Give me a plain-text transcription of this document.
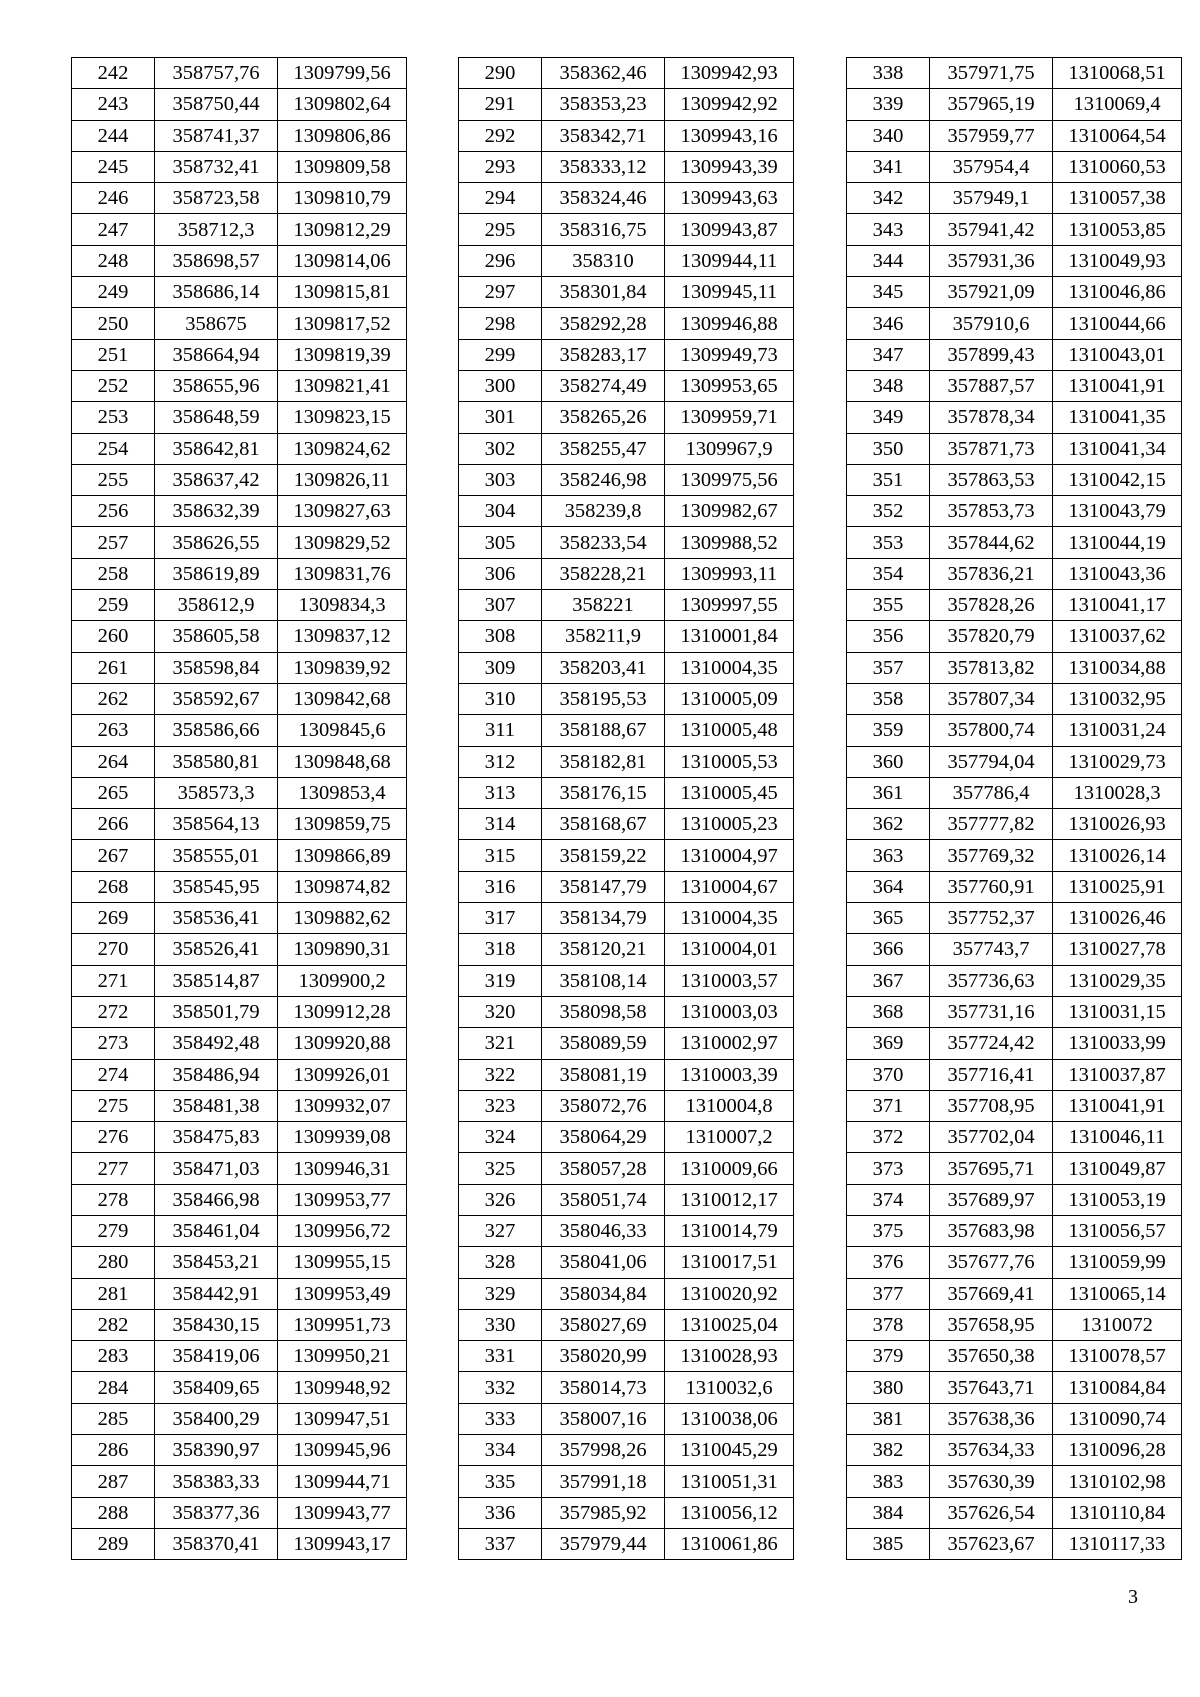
242	358757,76	1309799,56
243	358750,44	1309802,64
244	358741,37	1309806,86
245	358732,41	1309809,58
246	358723,58	1309810,79
247	358712,3	1309812,29
248	358698,57	1309814,06
249	358686,14	1309815,81
250	358675	1309817,52
251	358664,94	1309819,39
252	358655,96	1309821,41
253	358648,59	1309823,15
254	358642,81	1309824,62
255	358637,42	1309826,11
256	358632,39	1309827,63
257	358626,55	1309829,52
258	358619,89	1309831,76
259	358612,9	1309834,3
260	358605,58	1309837,12
261	358598,84	1309839,92
262	358592,67	1309842,68
263	358586,66	1309845,6
264	358580,81	1309848,68
265	358573,3	1309853,4
266	358564,13	1309859,75
267	358555,01	1309866,89
268	358545,95	1309874,82
269	358536,41	1309882,62
270	358526,41	1309890,31
271	358514,87	1309900,2
272	358501,79	1309912,28
273	358492,48	1309920,88
274	358486,94	1309926,01
275	358481,38	1309932,07
276	358475,83	1309939,08
277	358471,03	1309946,31
278	358466,98	1309953,77
279	358461,04	1309956,72
280	358453,21	1309955,15
281	358442,91	1309953,49
282	358430,15	1309951,73
283	358419,06	1309950,21
284	358409,65	1309948,92
285	358400,29	1309947,51
286	358390,97	1309945,96
287	358383,33	1309944,71
288	358377,36	1309943,77
289	358370,41	1309943,17
290	358362,46	1309942,93
291	358353,23	1309942,92
292	358342,71	1309943,16
293	358333,12	1309943,39
294	358324,46	1309943,63
295	358316,75	1309943,87
296	358310	1309944,11
297	358301,84	1309945,11
298	358292,28	1309946,88
299	358283,17	1309949,73
300	358274,49	1309953,65
301	358265,26	1309959,71
302	358255,47	1309967,9
303	358246,98	1309975,56
304	358239,8	1309982,67
305	358233,54	1309988,52
306	358228,21	1309993,11
307	358221	1309997,55
308	358211,9	1310001,84
309	358203,41	1310004,35
310	358195,53	1310005,09
311	358188,67	1310005,48
312	358182,81	1310005,53
313	358176,15	1310005,45
314	358168,67	1310005,23
315	358159,22	1310004,97
316	358147,79	1310004,67
317	358134,79	1310004,35
318	358120,21	1310004,01
319	358108,14	1310003,57
320	358098,58	1310003,03
321	358089,59	1310002,97
322	358081,19	1310003,39
323	358072,76	1310004,8
324	358064,29	1310007,2
325	358057,28	1310009,66
326	358051,74	1310012,17
327	358046,33	1310014,79
328	358041,06	1310017,51
329	358034,84	1310020,92
330	358027,69	1310025,04
331	358020,99	1310028,93
332	358014,73	1310032,6
333	358007,16	1310038,06
334	357998,26	1310045,29
335	357991,18	1310051,31
336	357985,92	1310056,12
337	357979,44	1310061,86
338	357971,75	1310068,51
339	357965,19	1310069,4
340	357959,77	1310064,54
341	357954,4	1310060,53
342	357949,1	1310057,38
343	357941,42	1310053,85
344	357931,36	1310049,93
345	357921,09	1310046,86
346	357910,6	1310044,66
347	357899,43	1310043,01
348	357887,57	1310041,91
349	357878,34	1310041,35
350	357871,73	1310041,34
351	357863,53	1310042,15
352	357853,73	1310043,79
353	357844,62	1310044,19
354	357836,21	1310043,36
355	357828,26	1310041,17
356	357820,79	1310037,62
357	357813,82	1310034,88
358	357807,34	1310032,95
359	357800,74	1310031,24
360	357794,04	1310029,73
361	357786,4	1310028,3
362	357777,82	1310026,93
363	357769,32	1310026,14
364	357760,91	1310025,91
365	357752,37	1310026,46
366	357743,7	1310027,78
367	357736,63	1310029,35
368	357731,16	1310031,15
369	357724,42	1310033,99
370	357716,41	1310037,87
371	357708,95	1310041,91
372	357702,04	1310046,11
373	357695,71	1310049,87
374	357689,97	1310053,19
375	357683,98	1310056,57
376	357677,76	1310059,99
377	357669,41	1310065,14
378	357658,95	1310072
379	357650,38	1310078,57
380	357643,71	1310084,84
381	357638,36	1310090,74
382	357634,33	1310096,28
383	357630,39	1310102,98
384	357626,54	1310110,84
385	357623,67	1310117,33
3
